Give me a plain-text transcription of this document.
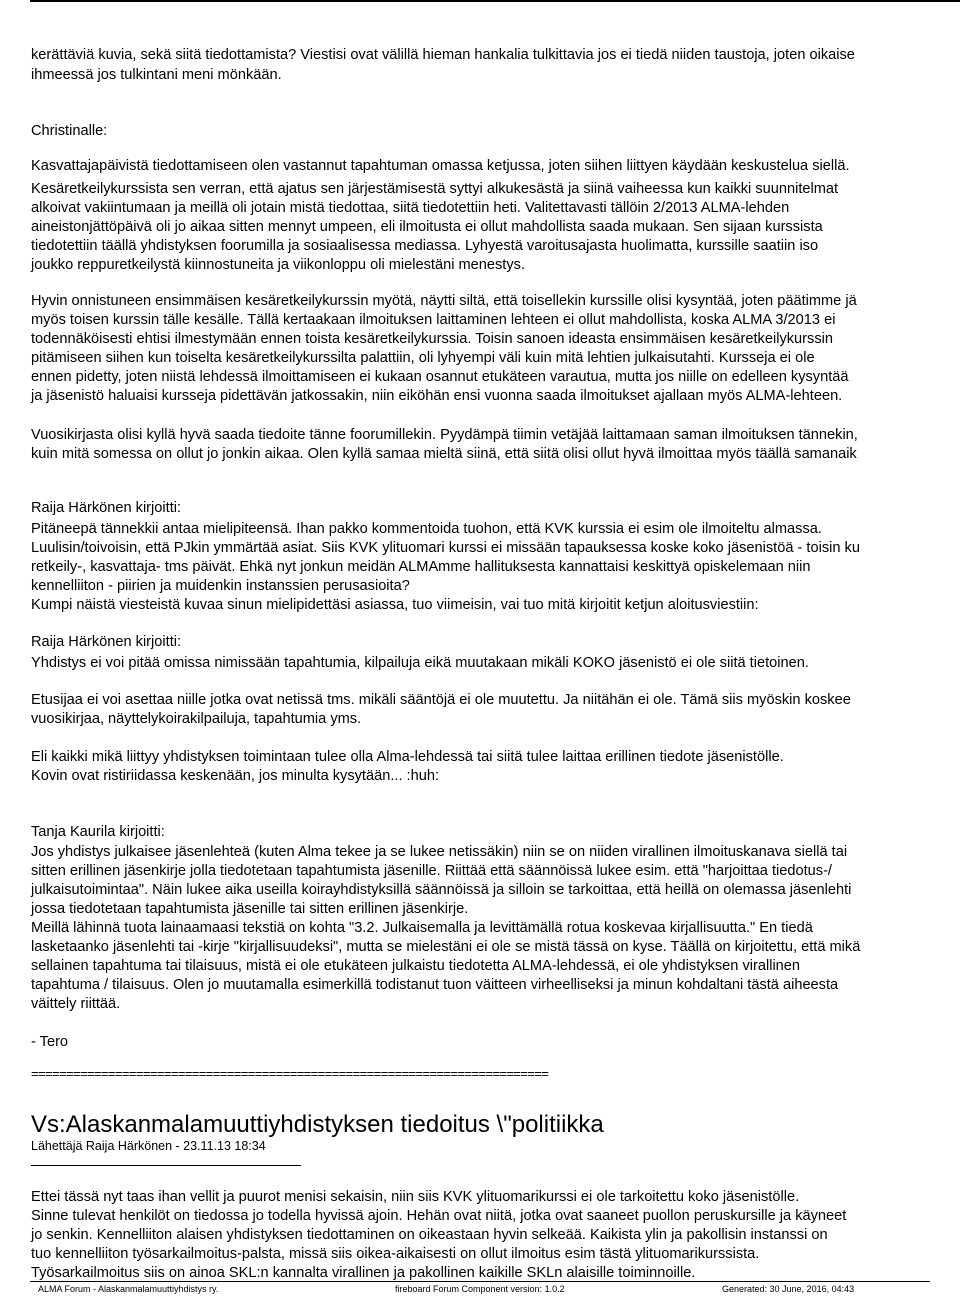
kerättäviä kuvia, sekä siitä tiedottamista? Viestisi ovat välillä hieman hankalia tulkittavia jos ei tiedä niiden taustoja, joten oikaise
ihmeessä jos tulkintani meni mönkään.
Christinalle:
Kasvattajapäivistä tiedottamiseen olen vastannut tapahtuman omassa ketjussa, joten siihen liittyen käydään keskustelua siellä.
Kesäretkeilykurssista sen verran, että ajatus sen järjestämisestä syttyi alkukesästä ja siinä vaiheessa kun kaikki suunnitelmat
alkoivat vakiintumaan ja meillä oli jotain mistä tiedottaa, siitä tiedotettiin heti. Valitettavasti tällöin 2/2013 ALMA-lehden
aineistonjättöpäivä oli jo aikaa sitten mennyt umpeen, eli ilmoitusta ei ollut mahdollista saada mukaan. Sen sijaan kurssista
tiedotettiin täällä yhdistyksen foorumilla ja sosiaalisessa mediassa. Lyhyestä varoitusajasta huolimatta, kurssille saatiin iso
joukko reppuretkeilystä kiinnostuneita ja viikonloppu oli mielestäni menestys.
Hyvin onnistuneen ensimmäisen kesäretkeilykurssin myötä, näytti siltä, että toisellekin kurssille olisi kysyntää, joten päätimme jä
myös toisen kurssin tälle kesälle. Tällä kertaakaan ilmoituksen laittaminen lehteen ei ollut mahdollista, koska ALMA 3/2013 ei
todennäköisesti ehtisi ilmestymään ennen toista kesäretkeilykurssia. Toisin sanoen ideasta ensimmäisen kesäretkeilykurssin
pitämiseen siihen kun toiselta kesäretkeilykurssilta palattiin, oli lyhyempi väli kuin mitä lehtien julkaisutahti. Kursseja ei ole
ennen pidetty, joten niistä lehdessä ilmoittamiseen ei kukaan osannut etukäteen varautua, mutta jos niille on edelleen kysyntää
ja jäsenistö haluaisi kursseja pidettävän jatkossakin, niin eiköhän ensi vuonna saada ilmoitukset ajallaan myös ALMA-lehteen.
Vuosikirjasta olisi kyllä hyvä saada tiedoite tänne foorumillekin. Pyydämpä tiimin vetäjää laittamaan saman ilmoituksen tännekin,
kuin mitä somessa on ollut jo jonkin aikaa. Olen kyllä samaa mieltä siinä, että siitä olisi ollut hyvä ilmoittaa myös täällä samanaik
Raija Härkönen kirjoitti:
Pitäneepä tännekkii antaa mielipiteensä. Ihan pakko kommentoida tuohon, että KVK kurssia ei esim ole ilmoiteltu almassa.
Luulisin/toivoisin, että PJkin ymmärtää asiat. Siis KVK ylituomari kurssi ei missään tapauksessa koske koko jäsenistöä - toisin ku
retkeily-, kasvattaja- tms päivät. Ehkä nyt jonkun meidän ALMAmme hallituksesta kannattaisi keskittyä opiskelemaan niin
kennelliiton - piirien ja muidenkin instanssien perusasioita?
Kumpi näistä viesteistä kuvaa sinun mielipidettäsi asiassa, tuo viimeisin, vai tuo mitä kirjoitit ketjun aloitusviestiin:
Raija Härkönen kirjoitti:
Yhdistys ei voi pitää omissa nimissään tapahtumia, kilpailuja eikä muutakaan mikäli KOKO jäsenistö ei ole siitä tietoinen.
Etusijaa ei voi asettaa niille jotka ovat netissä tms. mikäli sääntöjä ei ole muutettu. Ja niitähän ei ole. Tämä siis myöskin koskee
vuosikirjaa, näyttelykoirakilpailuja, tapahtumia yms.
Eli kaikki mikä liittyy yhdistyksen toimintaan tulee olla Alma-lehdessä tai siitä tulee laittaa erillinen tiedote jäsenistölle.
Kovin ovat ristiriidassa keskenään, jos minulta kysytään... :huh:
Tanja Kaurila kirjoitti:
Jos yhdistys julkaisee jäsenlehteä (kuten Alma tekee ja se lukee netissäkin) niin se on niiden virallinen ilmoituskanava siellä tai
sitten erillinen jäsenkirje jolla tiedotetaan tapahtumista jäsenille. Riittää että säännöissä lukee esim. että "harjoittaa tiedotus-/
julkaisutoimintaa". Näin lukee aika useilla koirayhdistyksillä säännöissä ja silloin se tarkoittaa, että heillä on olemassa jäsenlehti
jossa tiedotetaan tapahtumista jäsenille tai sitten erillinen jäsenkirje.
Meillä lähinnä tuota lainaamaasi tekstiä on kohta "3.2. Julkaisemalla ja levittämällä rotua koskevaa kirjallisuutta." En tiedä
lasketaanko jäsenlehti tai -kirje "kirjallisuudeksi", mutta se mielestäni ei ole se mistä tässä on kyse. Täällä on kirjoitettu, että mikä
sellainen tapahtuma tai tilaisuus, mistä ei ole etukäteen julkaistu tiedotetta ALMA-lehdessä, ei ole yhdistyksen virallinen
tapahtuma / tilaisuus. Olen jo muutamalla esimerkillä todistanut tuon väitteen virheelliseksi ja minun kohdaltani tästä aiheesta
väittely riittää.
- Tero
==========================================================================
Vs:Alaskanmalamuuttiyhdistyksen tiedoitus \"politiikka
Lähettäjä Raija Härkönen - 23.11.13 18:34
Ettei tässä nyt taas ihan vellit ja puurot menisi sekaisin, niin siis KVK ylituomarikurssi ei ole tarkoitettu koko jäsenistölle.
Sinne tulevat henkilöt on tiedossa jo todella hyvissä ajoin. Hehän ovat niitä, jotka ovat saaneet puollon peruskursille ja käyneet
jo senkin. Kennelliiton alaisen yhdistyksen tiedottaminen on oikeastaan hyvin selkeää. Kaikista ylin ja pakollisin instanssi on
tuo kennelliiton työsarkailmoitus-palsta, missä siis oikea-aikaisesti on ollut ilmoitus esim tästä ylituomarikurssista.
Työsarkailmoitus siis on ainoa SKL:n kannalta virallinen ja pakollinen kaikille SKLn alaisille toiminnoille.
ALMA Forum - Alaskanmalamuuttiyhdistys ry.	fireboard Forum Component version: 1.0.2	Generated: 30 June, 2016, 04:43
